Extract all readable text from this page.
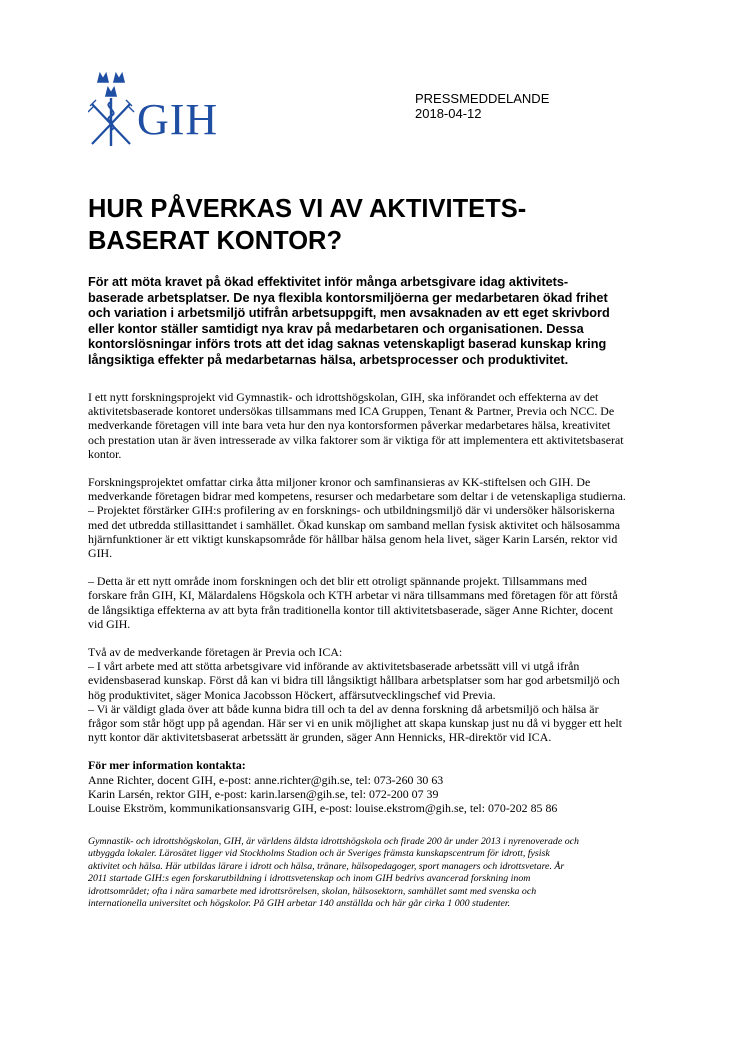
GIH	PRESSMEDDELANDE
2018-04-12
HUR PÅVERKAS VI AV AKTIVITETS-
BASERAT KONTOR?
För att möta kravet på ökad effektivitet inför många arbetsgivare idag aktivitets-
baserade arbetsplatser. De nya flexibla kontorsmiljöerna ger medarbetaren ökad frihet
och variation i arbetsmiljö utifrån arbetsuppgift, men avsaknaden av ett eget skrivbord
eller kontor ställer samtidigt nya krav på medarbetaren och organisationen. Dessa
kontorslösningar införs trots att det idag saknas vetenskapligt baserad kunskap kring
långsiktiga effekter på medarbetarnas hälsa, arbetsprocesser och produktivitet.
I ett nytt forskningsprojekt vid Gymnastik- och idrottshögskolan, GIH, ska införandet och effekterna av det
aktivitetsbaserade kontoret undersökas tillsammans med ICA Gruppen, Tenant & Partner, Previa och NCC. De
medverkande företagen vill inte bara veta hur den nya kontorsformen påverkar medarbetares hälsa, kreativitet
och prestation utan är även intresserade av vilka faktorer som är viktiga för att implementera ett aktivitetsbaserat
kontor.
Forskningsprojektet omfattar cirka åtta miljoner kronor och samfinansieras av KK-stiftelsen och GIH. De
medverkande företagen bidrar med kompetens, resurser och medarbetare som deltar i de vetenskapliga studierna.
– Projektet förstärker GIH:s profilering av en forsknings- och utbildningsmiljö där vi undersöker hälsoriskerna
med det utbredda stillasittandet i samhället. Ökad kunskap om samband mellan fysisk aktivitet och hälsosamma
hjärnfunktioner är ett viktigt kunskapsområde för hållbar hälsa genom hela livet, säger Karin Larsén, rektor vid
GIH.
– Detta är ett nytt område inom forskningen och det blir ett otroligt spännande projekt. Tillsammans med
forskare från GIH, KI, Mälardalens Högskola och KTH arbetar vi nära tillsammans med företagen för att förstå
de långsiktiga effekterna av att byta från traditionella kontor till aktivitetsbaserade, säger Anne Richter, docent
vid GIH.
Två av de medverkande företagen är Previa och ICA:
– I vårt arbete med att stötta arbetsgivare vid införande av aktivitetsbaserade arbetssätt vill vi utgå ifrån
evidensbaserad kunskap. Först då kan vi bidra till långsiktigt hållbara arbetsplatser som har god arbetsmiljö och
hög produktivitet, säger Monica Jacobsson Höckert, affärsutvecklingschef vid Previa.
– Vi är väldigt glada över att både kunna bidra till och ta del av denna forskning då arbetsmiljö och hälsa är
frågor som står högt upp på agendan. Här ser vi en unik möjlighet att skapa kunskap just nu då vi bygger ett helt
nytt kontor där aktivitetsbaserat arbetssätt är grunden, säger Ann Hennicks, HR-direktör vid ICA.
För mer information kontakta:
Anne Richter, docent GIH, e-post: anne.richter@gih.se, tel: 073-260 30 63
Karin Larsén, rektor GIH, e-post: karin.larsen@gih.se, tel: 072-200 07 39
Louise Ekström, kommunikationsansvarig GIH, e-post: louise.ekstrom@gih.se, tel: 070-202 85 86
Gymnastik- och idrottshögskolan, GIH, är världens äldsta idrottshögskola och firade 200 år under 2013 i nyrenoverade och
utbyggda lokaler. Lärosätet ligger vid Stockholms Stadion och är Sveriges främsta kunskapscentrum för idrott, fysisk
aktivitet och hälsa. Här utbildas lärare i idrott och hälsa, tränare, hälsopedagoger, sport managers och idrottsvetare. År
2011 startade GIH:s egen forskarutbildning i idrottsvetenskap och inom GIH bedrivs avancerad forskning inom
idrottsområdet; ofta i nära samarbete med idrottsrörelsen, skolan, hälsosektorn, samhället samt med svenska och
internationella universitet och högskolor. På GIH arbetar 140 anställda och här går cirka 1 000 studenter.
